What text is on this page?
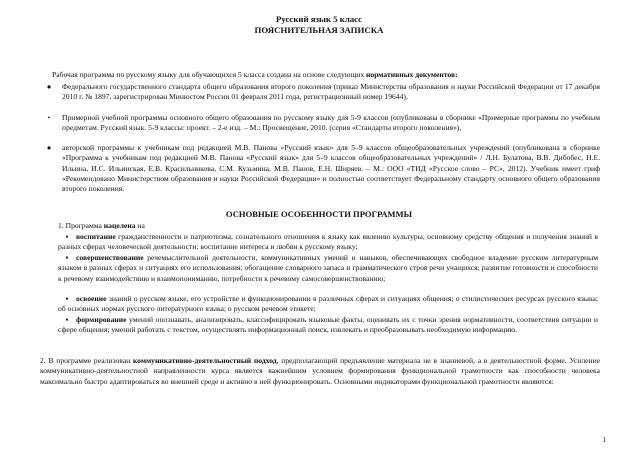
Русский язык 5 класс
ПОЯСНИТЕЛЬНАЯ ЗАПИСКА
Рабочая программа по русскому языку для обучающихся 5 класса создана на основе следующих нормативных документов:
●	Федерального государственного стандарта общего образования второго поколения (приказ Министерства образования и науки Российской Федерации от 17 декабря 2010 г. № 1897, зарегистрирован Минюстом России 01 февраля 2011 года, регистрационный номер 19644),
•	Примерной учебной программы основного общего образования по русскому языку для 5-9 классов (опубликована в сборнике «Примерные программы по учебным предметам. Русский язык. 5-9 классы: проект. – 2-е изд. – М.: Просвещение, 2010. (серия «Стандарты второго поколения»),
●	авторской программы к учебникам под редакцией М.В. Панова «Русский язык» для 5–9 классов общеобразовательных учреждений (опубликована в сборнике «Программа к учебникам под редакцией М.В. Панова «Русский язык» для 5–9 классов общеобразовательных учреждений» / Л.Н. Булатова, В.В. Дибобес, Н.Е. Ильина, И.С. Ильинская, Е.В. Красильникова, С.М. Кузьмина, М.В. Панов, Е.Н. Ширяев. – М.: ООО «ТИД «Русское слово – РС», 2012). Учебник имеет гриф «Рекомендовано Министерством образования и науки Российской Федерации» и полностью соответствует Федеральному стандарту основного общего образования второго поколения.
ОСНОВНЫЕ ОСОБЕННОСТИ ПРОГРАММЫ
1. Программа нацелена на
▪ воспитание гражданственности и патриотизма, сознательного отношения к языку как явлению культуры, основному средству общения и получения знаний в разных сферах человеческой деятельности; воспитание интереса и любви к русскому языку;
▪ совершенствование речемыслительной деятельности, коммуникативных умений и навыков, обеспечивающих свободное владение русским литературным языком в разных сферах и ситуациях его использования; обогащение словарного запаса и грамматического строя речи учащихся; развитие готовности и способности к речевому взаимодействию и взаимопониманию, потребности к речевому самосовершенствованию;
▪ освоение знаний о русском языке, его устройстве и функционировании в различных сферах и ситуациях общения; о стилистических ресурсах русского языка; об основных нормах русского литературного языка; о русском речевом этикете;
▪ формирование умений опознавать, анализировать, классифицировать языковые факты, оценивать их с точки зрения нормативности, соответствия ситуации и сфере общения; умений работать с текстом, осуществлять информационный поиск, извлекать и преобразовывать необходимую информацию.
2. В программе реализован коммуникативно-деятельностный подход, предполагающий предъявление материала не в знаниевой, а в деятельностной форме. Усиление коммуникативно-деятельностной направленности курса является важнейшим условием формирования функциональной грамотности как способности человека максимально быстро адаптироваться во внешней среде и активно в ней функционировать. Основными индикаторами функциональной грамотности являются:
1
